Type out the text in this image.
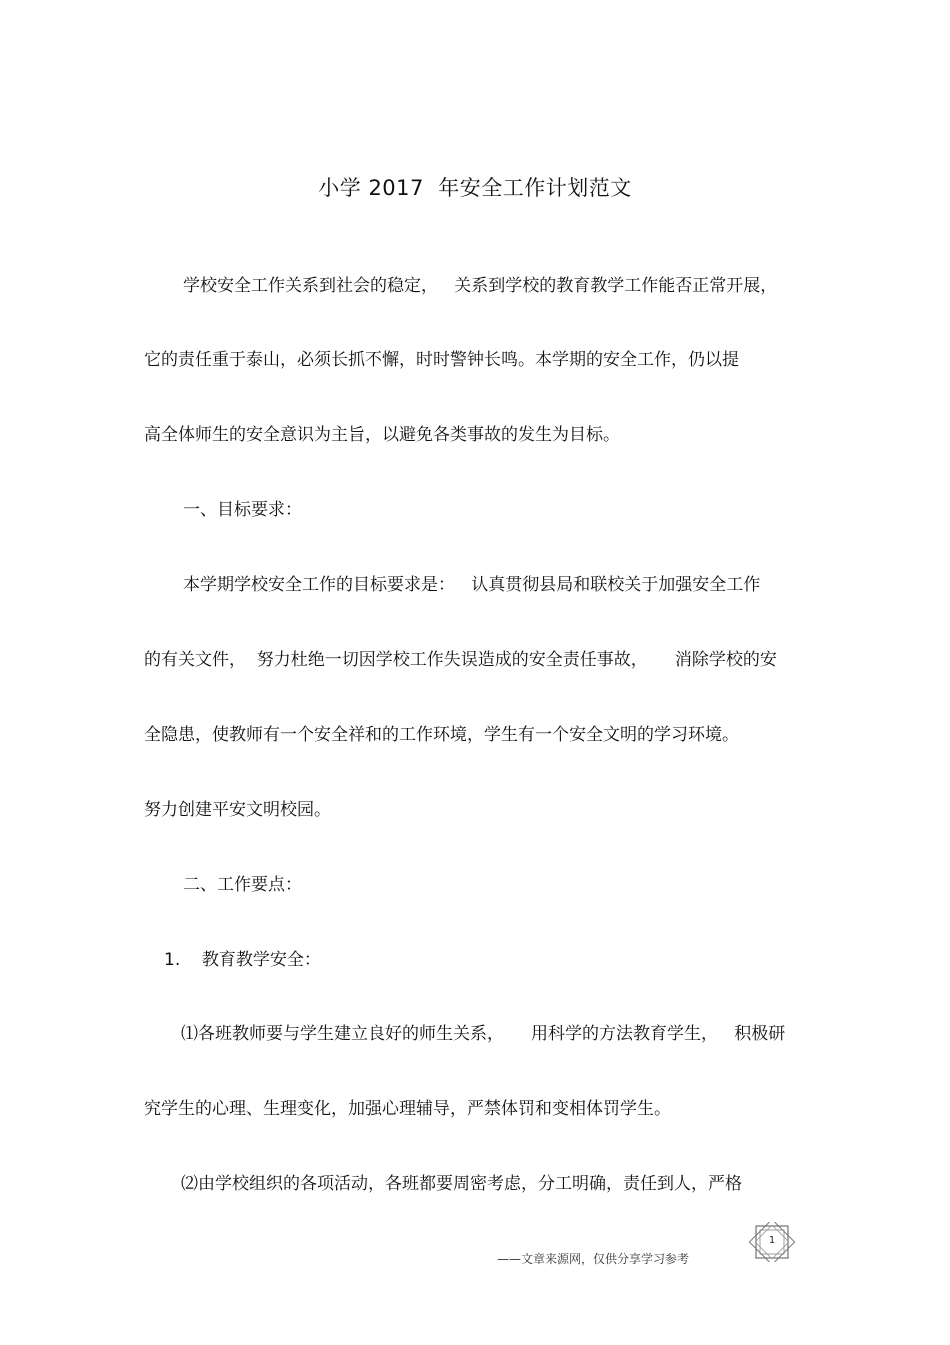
小学 2017  年安全工作计划范文
学校安全工作关系到社会的稳定，   关系到学校的教育教学工作能否正常开展，
它的责任重于泰山，必须长抓不懈，时时警钟长鸣。本学期的安全工作，仍以提
高全体师生的安全意识为主旨，以避免各类事故的发生为目标。
一、目标要求：
本学期学校安全工作的目标要求是：   认真贯彻县局和联校关于加强安全工作
的有关文件，  努力杜绝一切因学校工作失误造成的安全责任事故，     消除学校的安
全隐患，使教师有一个安全祥和的工作环境，学生有一个安全文明的学习环境。
努力创建平安文明校园。
二、工作要点：
1.    教育教学安全：
⑴各班教师要与学生建立良好的师生关系，     用科学的方法教育学生，   积极研
究学生的心理、生理变化，加强心理辅导，严禁体罚和变相体罚学生。
⑵由学校组织的各项活动，各班都要周密考虑，分工明确，责任到人，严格
1
——文章来源网，仅供分享学习参考
